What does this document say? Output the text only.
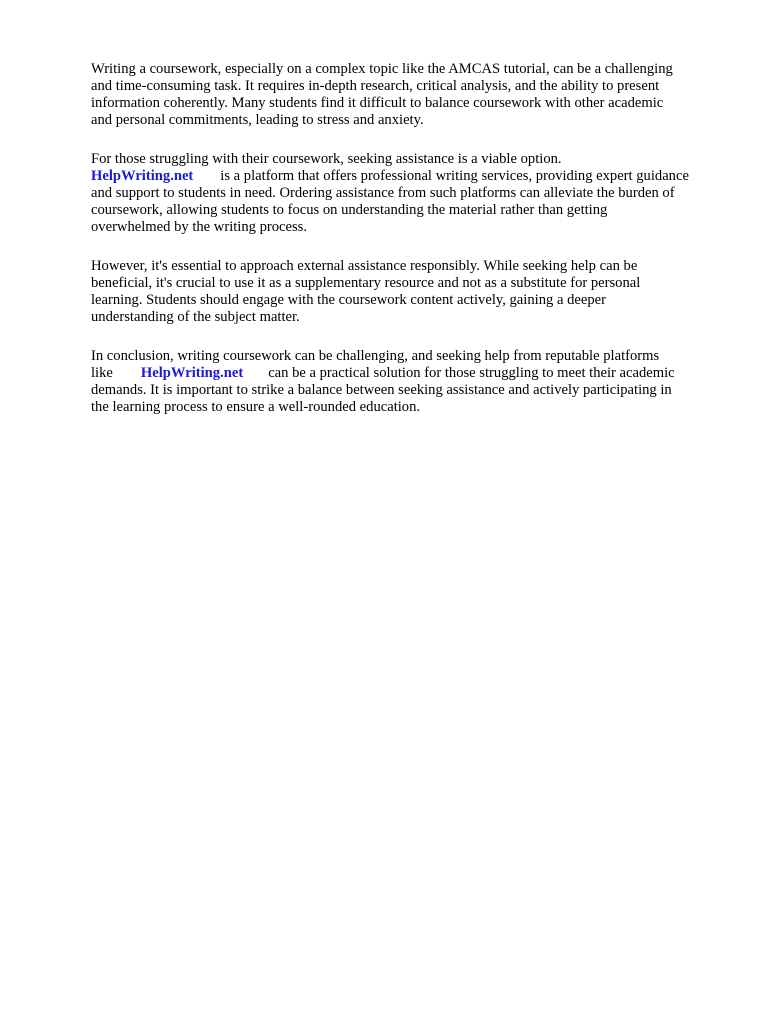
Writing a coursework, especially on a complex topic like the AMCAS tutorial, can be a challenging
and time-consuming task. It requires in-depth research, critical analysis, and the ability to present
information coherently. Many students find it difficult to balance coursework with other academic
and personal commitments, leading to stress and anxiety.

For those struggling with their coursework, seeking assistance is a viable option.
HelpWriting.net is a platform that offers professional writing services, providing expert guidance
and support to students in need. Ordering assistance from such platforms can alleviate the burden of
coursework, allowing students to focus on understanding the material rather than getting
overwhelmed by the writing process.

However, it's essential to approach external assistance responsibly. While seeking help can be
beneficial, it's crucial to use it as a supplementary resource and not as a substitute for personal
learning. Students should engage with the coursework content actively, gaining a deeper
understanding of the subject matter.

In conclusion, writing coursework can be challenging, and seeking help from reputable platforms
like HelpWriting.net can be a practical solution for those struggling to meet their academic
demands. It is important to strike a balance between seeking assistance and actively participating in
the learning process to ensure a well-rounded education.
